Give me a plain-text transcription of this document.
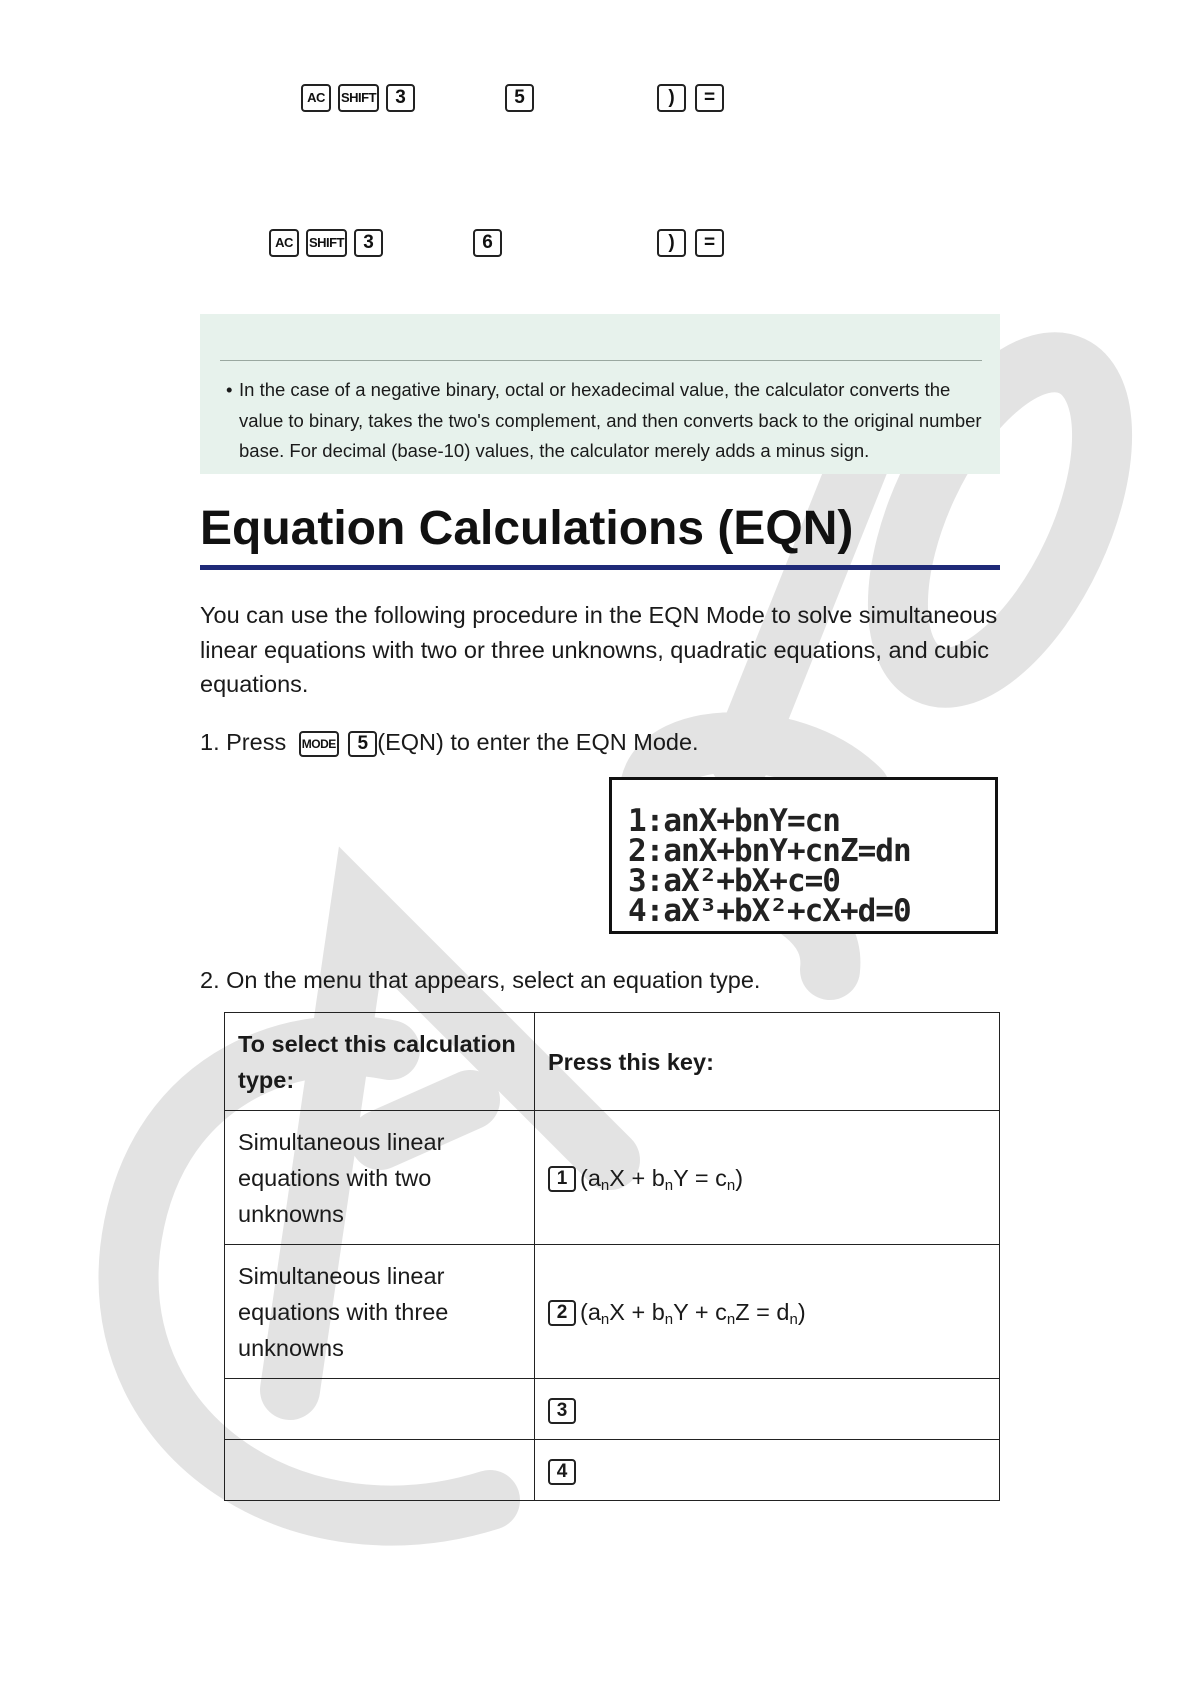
AC	SHIFT	3	5	)	=
AC	SHIFT	3	6	)	=
• In the case of a negative binary, octal or hexadecimal value, the calculator converts the value to binary, takes the two's complement, and then converts back to the original number base. For decimal (base-10) values, the calculator merely adds a minus sign.
Equation Calculations (EQN)
You can use the following procedure in the EQN Mode to solve simultaneous linear equations with two or three unknowns, quadratic equations, and cubic equations.
1. Press MODE 5 (EQN) to enter the EQN Mode.
1:anX+bnY=cn
2:anX+bnY+cnZ=dn
3:aX²+bX+c=0
4:aX³+bX²+cX+d=0
2. On the menu that appears, select an equation type.
To select this calculation type:	Press this key:
Simultaneous linear equations with two unknowns	1 $(a_nX + b_nY = c_n)$
Simultaneous linear equations with three unknowns	2 $(a_nX + b_nY + c_nZ = d_n)$
	3
	4
